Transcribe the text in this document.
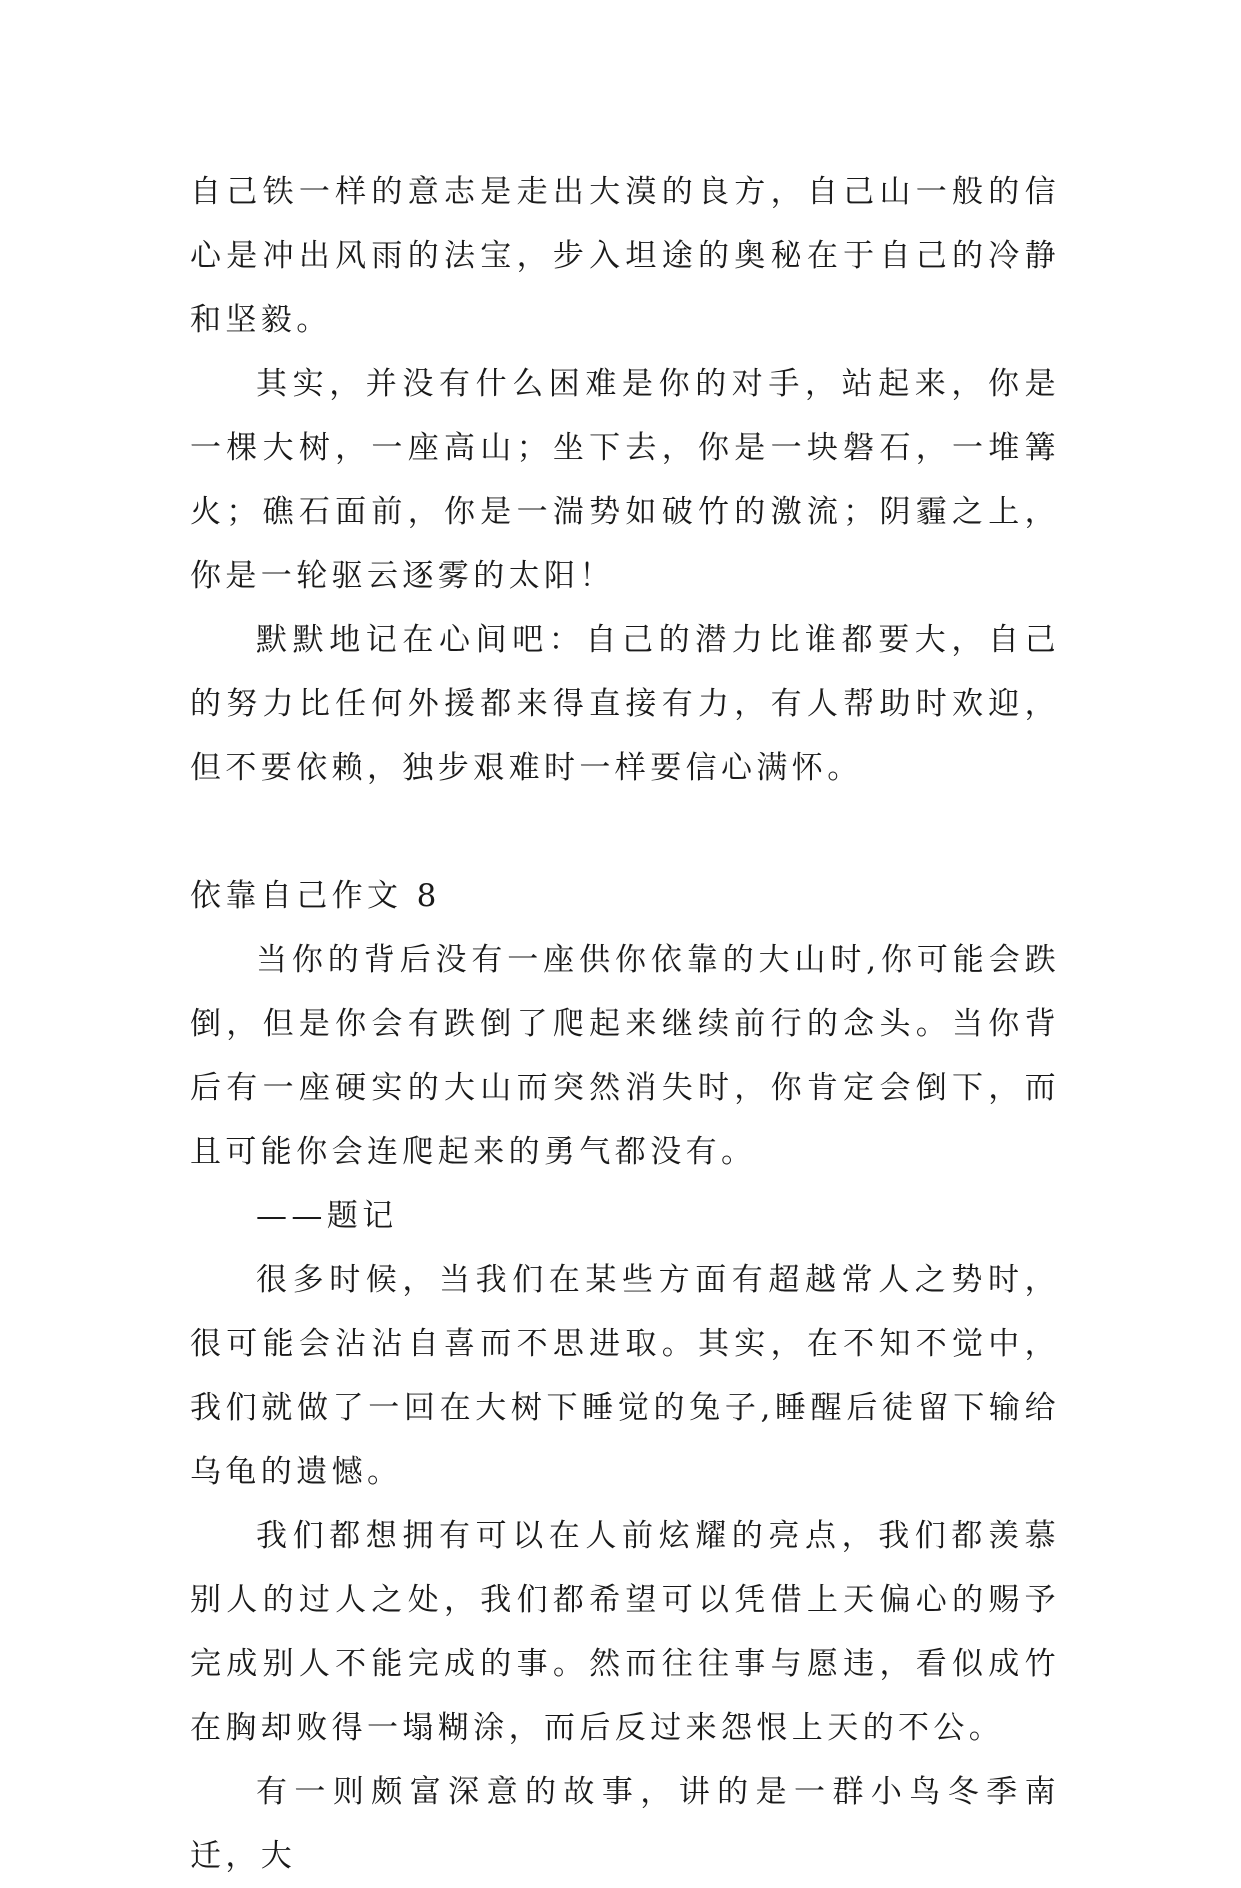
自己铁一样的意志是走出大漠的良方，自己山一般的信心是冲出风雨的法宝，步入坦途的奥秘在于自己的冷静和坚毅。

其实，并没有什么困难是你的对手，站起来，你是一棵大树，一座高山；坐下去，你是一块磐石，一堆篝火；礁石面前，你是一湍势如破竹的激流；阴霾之上，你是一轮驱云逐雾的太阳！

默默地记在心间吧：自己的潜力比谁都要大，自己的努力比任何外援都来得直接有力，有人帮助时欢迎，但不要依赖，独步艰难时一样要信心满怀。

依靠自己作文 8

当你的背后没有一座供你依靠的大山时,你可能会跌倒，但是你会有跌倒了爬起来继续前行的念头。当你背后有一座硬实的大山而突然消失时，你肯定会倒下，而且可能你会连爬起来的勇气都没有。

——题记

很多时候，当我们在某些方面有超越常人之势时，很可能会沾沾自喜而不思进取。其实，在不知不觉中，我们就做了一回在大树下睡觉的兔子,睡醒后徒留下输给乌龟的遗憾。

我们都想拥有可以在人前炫耀的亮点，我们都羡慕别人的过人之处，我们都希望可以凭借上天偏心的赐予完成别人不能完成的事。然而往往事与愿违，看似成竹在胸却败得一塌糊涂，而后反过来怨恨上天的不公。

有一则颇富深意的故事，讲的是一群小鸟冬季南迁，大
